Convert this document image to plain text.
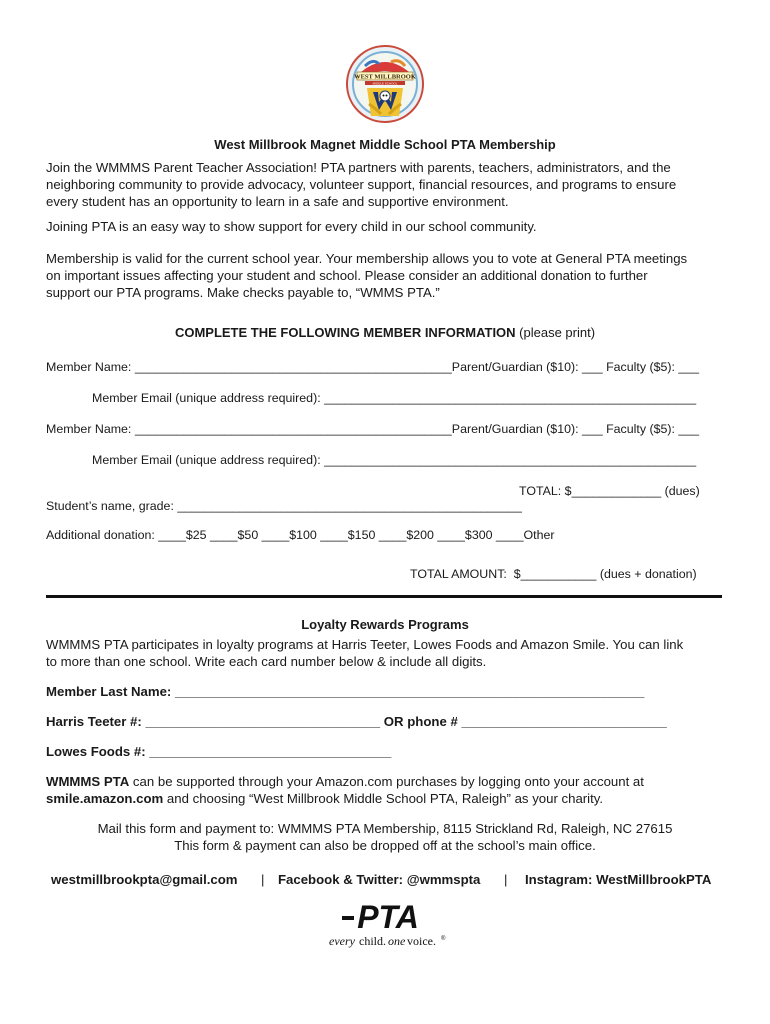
WEST MILLBROOK
MIDDLE SCHOOL
West Millbrook Magnet Middle School PTA Membership
Join the WMMMS Parent Teacher Association! PTA partners with parents, teachers, administrators, and the
neighboring community to provide advocacy, volunteer support, financial resources, and programs to ensure
every student has an opportunity to learn in a safe and supportive environment.
Joining PTA is an easy way to show support for every child in our school community.
Membership is valid for the current school year. Your membership allows you to vote at General PTA meetings
on important issues affecting your student and school. Please consider an additional donation to further
support our PTA programs. Make checks payable to, “WMMS PTA.”
COMPLETE THE FOLLOWING MEMBER INFORMATION (please print)
Member Name: ______________________________________________Parent/Guardian ($10): ___ Faculty ($5): ___
Member Email (unique address required): ______________________________________________________
Member Name: ______________________________________________Parent/Guardian ($10): ___ Faculty ($5): ___
Member Email (unique address required): ______________________________________________________
TOTAL: $_____________ (dues)
Student’s name, grade: __________________________________________________
Additional donation: ____$25 ____$50 ____$100 ____$150 ____$200 ____$300 ____Other
TOTAL AMOUNT:  $___________ (dues + donation)
Loyalty Rewards Programs
WMMMS PTA participates in loyalty programs at Harris Teeter, Lowes Foods and Amazon Smile. You can link
to more than one school. Write each card number below & include all digits.
Member Last Name: ________________________________________________________________
Harris Teeter #: ________________________________ OR phone # ____________________________
Lowes Foods #: _________________________________
WMMMS PTA can be supported through your Amazon.com purchases by logging onto your account at
smile.amazon.com and choosing “West Millbrook Middle School PTA, Raleigh” as your charity.
Mail this form and payment to: WMMMS PTA Membership, 8115 Strickland Rd, Raleigh, NC 27615
This form & payment can also be dropped off at the school’s main office.
westmillbrookpta@gmail.com | Facebook & Twitter: @wmmspta | Instagram: WestMillbrookPTA
PTA
every child. one voice. ®
